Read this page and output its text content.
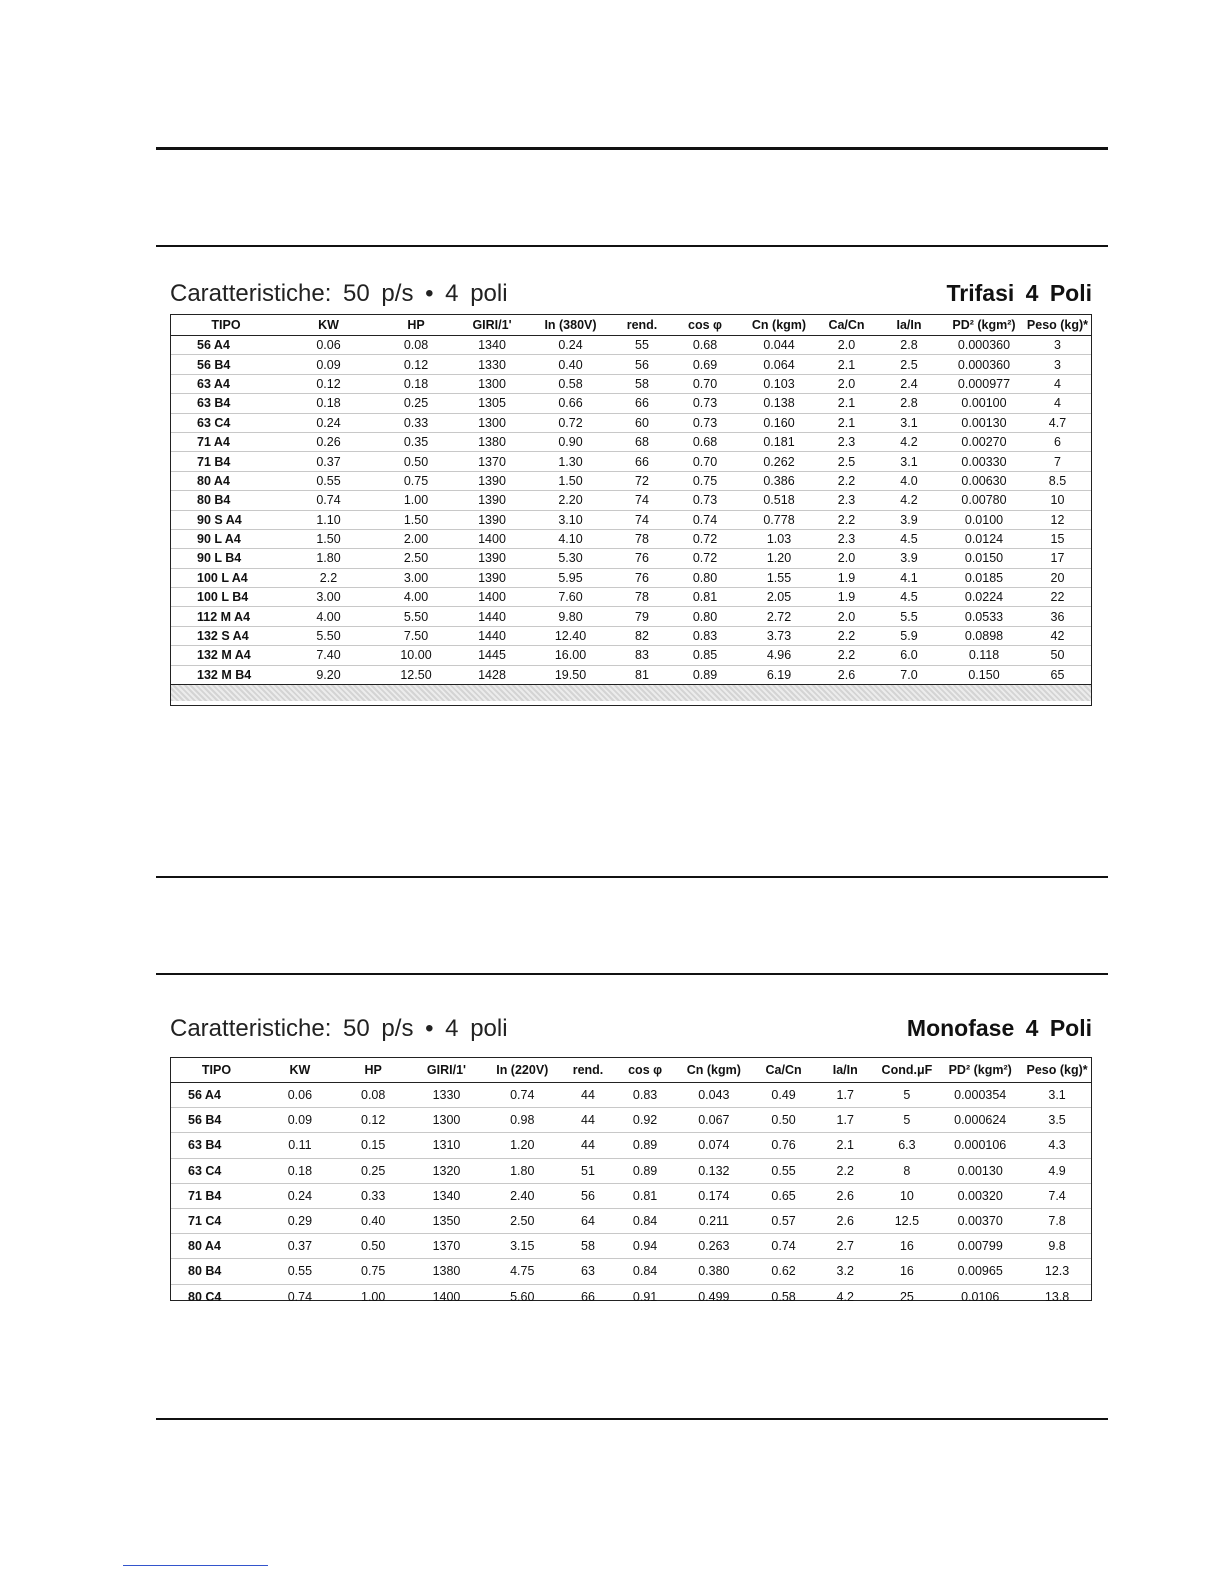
Caratteristiche: 50 p/s • 4 poli	Trifasi 4 Poli
TIPO	KW	HP	GIRI/1'	In (380V)	rend.	cos φ	Cn (kgm)	Ca/Cn	Ia/In	PD² (kgm²)	Peso (kg)*
56 A4	0.06	0.08	1340	0.24	55	0.68	0.044	2.0	2.8	0.000360	3
56 B4	0.09	0.12	1330	0.40	56	0.69	0.064	2.1	2.5	0.000360	3
63 A4	0.12	0.18	1300	0.58	58	0.70	0.103	2.0	2.4	0.000977	4
63 B4	0.18	0.25	1305	0.66	66	0.73	0.138	2.1	2.8	0.00100	4
63 C4	0.24	0.33	1300	0.72	60	0.73	0.160	2.1	3.1	0.00130	4.7
71 A4	0.26	0.35	1380	0.90	68	0.68	0.181	2.3	4.2	0.00270	6
71 B4	0.37	0.50	1370	1.30	66	0.70	0.262	2.5	3.1	0.00330	7
80 A4	0.55	0.75	1390	1.50	72	0.75	0.386	2.2	4.0	0.00630	8.5
80 B4	0.74	1.00	1390	2.20	74	0.73	0.518	2.3	4.2	0.00780	10
90 S A4	1.10	1.50	1390	3.10	74	0.74	0.778	2.2	3.9	0.0100	12
90 L A4	1.50	2.00	1400	4.10	78	0.72	1.03	2.3	4.5	0.0124	15
90 L B4	1.80	2.50	1390	5.30	76	0.72	1.20	2.0	3.9	0.0150	17
100 L A4	2.2	3.00	1390	5.95	76	0.80	1.55	1.9	4.1	0.0185	20
100 L B4	3.00	4.00	1400	7.60	78	0.81	2.05	1.9	4.5	0.0224	22
112 M A4	4.00	5.50	1440	9.80	79	0.80	2.72	2.0	5.5	0.0533	36
132 S A4	5.50	7.50	1440	12.40	82	0.83	3.73	2.2	5.9	0.0898	42
132 M A4	7.40	10.00	1445	16.00	83	0.85	4.96	2.2	6.0	0.118	50
132 M B4	9.20	12.50	1428	19.50	81	0.89	6.19	2.6	7.0	0.150	65
Caratteristiche: 50 p/s • 4 poli	Monofase 4 Poli
TIPO	KW	HP	GIRI/1'	In (220V)	rend.	cos φ	Cn (kgm)	Ca/Cn	Ia/In	Cond.μF	PD² (kgm²)	Peso (kg)*
56 A4	0.06	0.08	1330	0.74	44	0.83	0.043	0.49	1.7	5	0.000354	3.1
56 B4	0.09	0.12	1300	0.98	44	0.92	0.067	0.50	1.7	5	0.000624	3.5
63 B4	0.11	0.15	1310	1.20	44	0.89	0.074	0.76	2.1	6.3	0.000106	4.3
63 C4	0.18	0.25	1320	1.80	51	0.89	0.132	0.55	2.2	8	0.00130	4.9
71 B4	0.24	0.33	1340	2.40	56	0.81	0.174	0.65	2.6	10	0.00320	7.4
71 C4	0.29	0.40	1350	2.50	64	0.84	0.211	0.57	2.6	12.5	0.00370	7.8
80 A4	0.37	0.50	1370	3.15	58	0.94	0.263	0.74	2.7	16	0.00799	9.8
80 B4	0.55	0.75	1380	4.75	63	0.84	0.380	0.62	3.2	16	0.00965	12.3
80 C4	0.74	1.00	1400	5.60	66	0.91	0.499	0.58	4.2	25	0.0106	13.8
